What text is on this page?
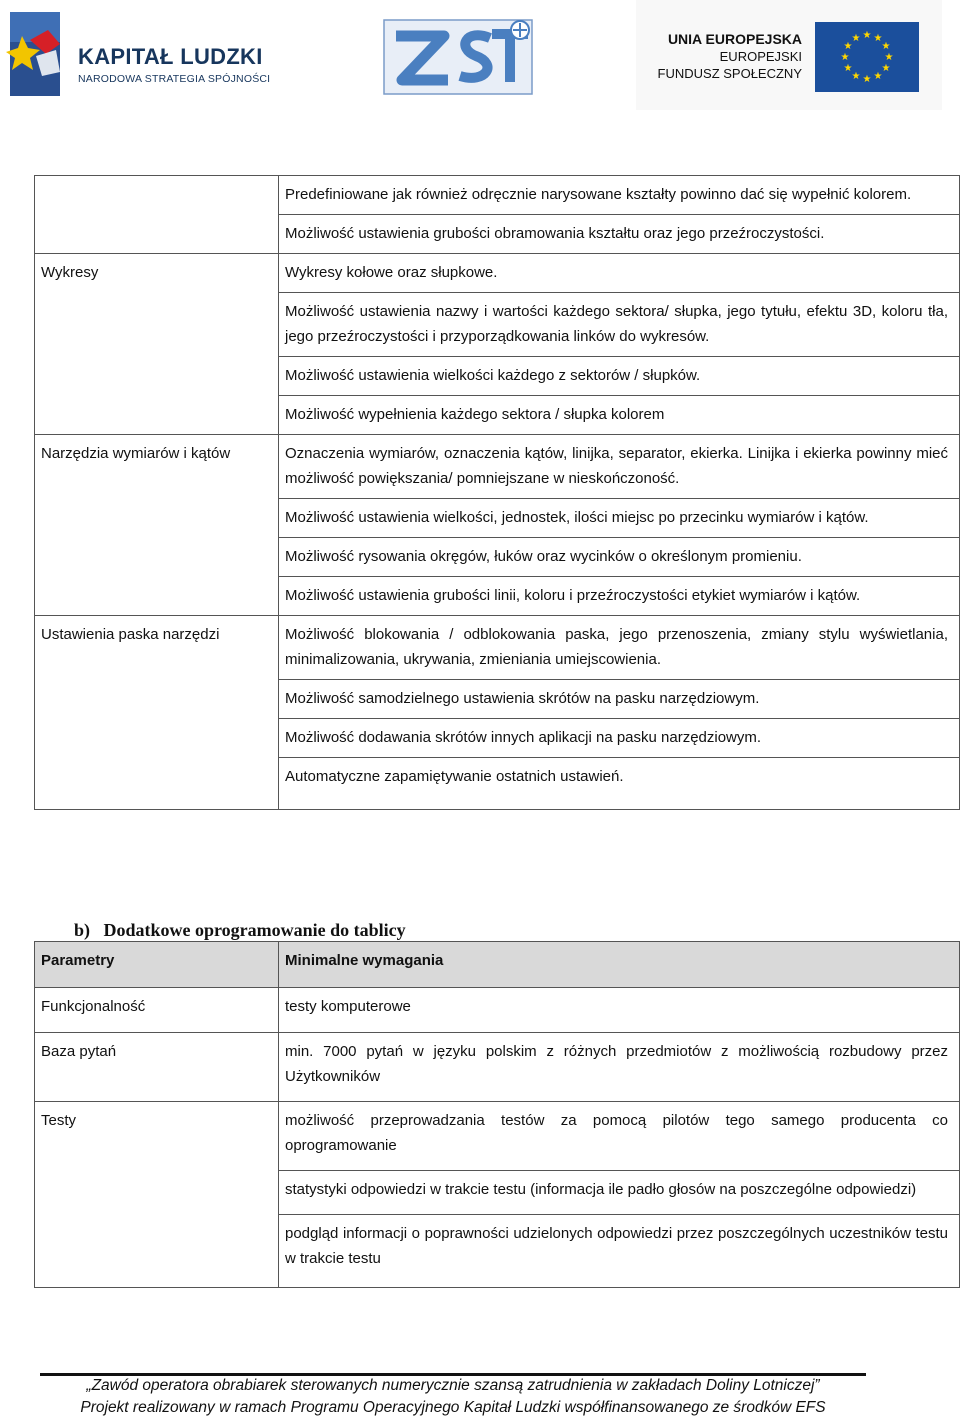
KAPITAŁ LUDZKI
NARODOWA STRATEGIA SPÓJNOŚCI
UNIA EUROPEJSKA
EUROPEJSKI
FUNDUSZ SPOŁECZNY
★ ★
★
★
★
★
★
★
★
★
★
★
	Predefiniowane jak również odręcznie narysowane kształty powinno dać się wypełnić kolorem.
	Możliwość ustawienia grubości obramowania kształtu oraz jego przeźroczystości.
Wykresy	Wykresy kołowe oraz słupkowe.
	Możliwość ustawienia nazwy i wartości każdego sektora/ słupka, jego tytułu, efektu 3D, koloru tła, jego przeźroczystości i przyporządkowania linków do wykresów.
	Możliwość ustawienia wielkości każdego z sektorów / słupków.
	Możliwość wypełnienia każdego sektora / słupka kolorem
Narzędzia wymiarów i kątów	Oznaczenia wymiarów, oznaczenia kątów, linijka, separator, ekierka. Linijka i ekierka powinny mieć możliwość powiększania/ pomniejszane w nieskończoność.
	Możliwość ustawienia wielkości, jednostek, ilości miejsc po przecinku wymiarów i kątów.
	Możliwość rysowania okręgów, łuków oraz wycinków o określonym promieniu.
	Możliwość ustawienia grubości linii, koloru i przeźroczystości etykiet wymiarów i kątów.
Ustawienia paska narzędzi	Możliwość blokowania / odblokowania paska, jego przenoszenia, zmiany stylu wyświetlania, minimalizowania, ukrywania, zmieniania umiejscowienia.
	Możliwość samodzielnego ustawienia skrótów na pasku narzędziowym.
	Możliwość dodawania skrótów innych aplikacji na pasku narzędziowym.
	Automatyczne zapamiętywanie ostatnich ustawień.
b)   Dodatkowe oprogramowanie do tablicy
Parametry	Minimalne wymagania
Funkcjonalność	testy komputerowe
Baza pytań	min. 7000 pytań w języku polskim z różnych przedmiotów z możliwością rozbudowy przez Użytkowników
Testy	możliwość przeprowadzania testów za pomocą pilotów tego samego producenta co oprogramowanie
	statystyki odpowiedzi w trakcie testu (informacja ile padło głosów na poszczególne odpowiedzi)
	podgląd informacji o poprawności udzielonych odpowiedzi przez poszczególnych uczestników testu w trakcie testu
„Zawód operatora obrabiarek sterowanych numerycznie szansą zatrudnienia w zakładach Doliny Lotniczej”
Projekt realizowany w ramach Programu Operacyjnego Kapitał Ludzki współfinansowanego ze środków EFS
